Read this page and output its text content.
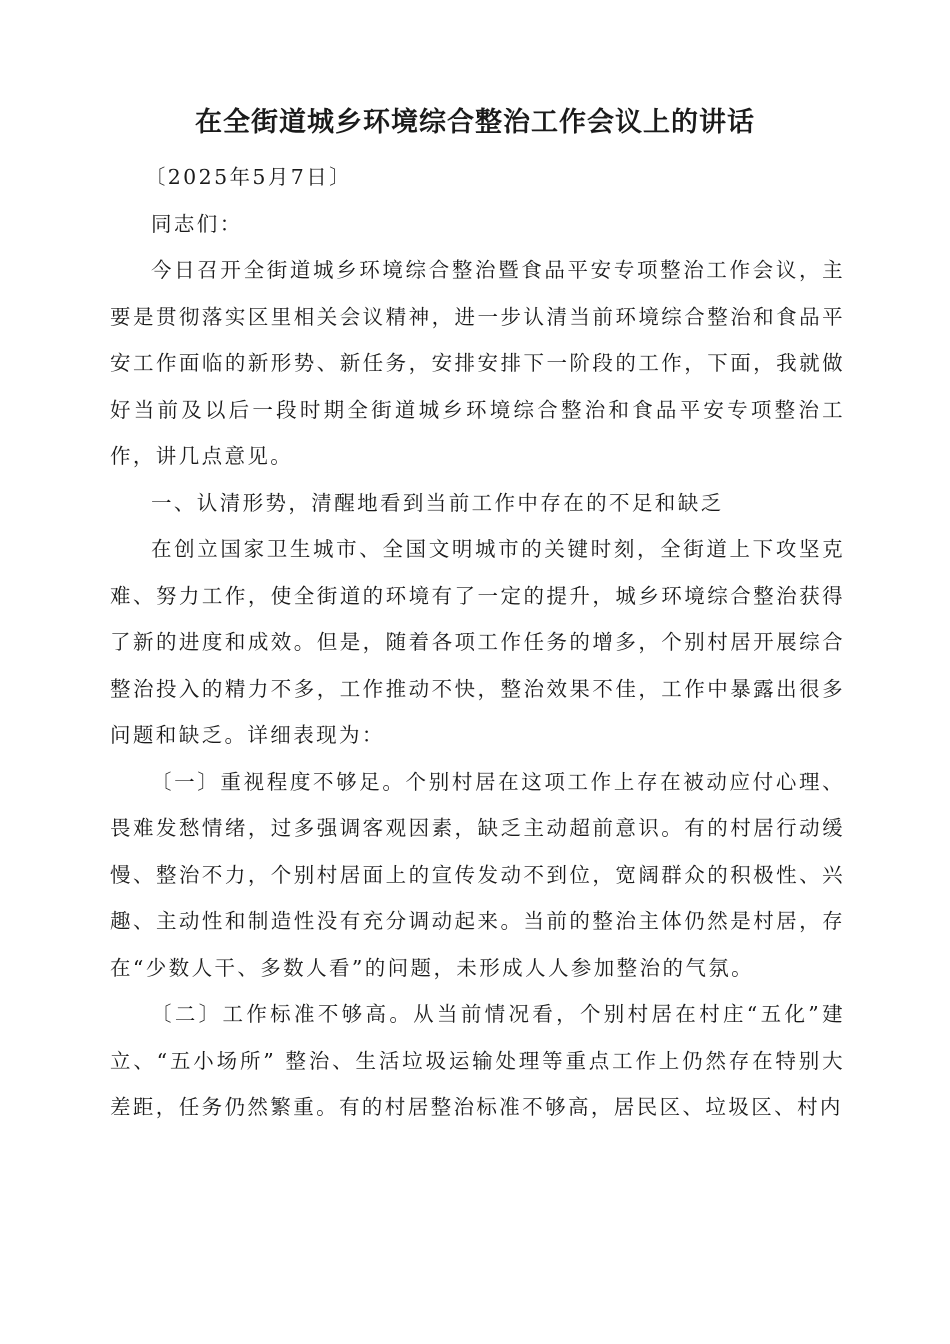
在全街道城乡环境综合整治工作会议上的讲话

〔2025年5月7日〕

同志们：

今日召开全街道城乡环境综合整治暨食品平安专项整治工作会议，主要是贯彻落实区里相关会议精神，进一步认清当前环境综合整治和食品平安工作面临的新形势、新任务，安排安排下一阶段的工作，下面，我就做好当前及以后一段时期全街道城乡环境综合整治和食品平安专项整治工作，讲几点意见。

一、认清形势，清醒地看到当前工作中存在的不足和缺乏

在创立国家卫生城市、全国文明城市的关键时刻，全街道上下攻坚克难、努力工作，使全街道的环境有了一定的提升，城乡环境综合整治获得了新的进度和成效。但是，随着各项工作任务的增多，个别村居开展综合整治投入的精力不多，工作推动不快，整治效果不佳，工作中暴露出很多问题和缺乏。详细表现为：

〔一〕重视程度不够足。个别村居在这项工作上存在被动应付心理、畏难发愁情绪，过多强调客观因素，缺乏主动超前意识。有的村居行动缓慢、整治不力，个别村居面上的宣传发动不到位，宽阔群众的积极性、兴趣、主动性和制造性没有充分调动起来。当前的整治主体仍然是村居，存在“少数人干、多数人看”的问题，未形成人人参加整治的气氛。

〔二〕工作标准不够高。从当前情况看，个别村居在村庄“五化”建立、“五小场所” 整治、生活垃圾运输处理等重点工作上仍然存在特别大差距，任务仍然繁重。有的村居整治标准不够高，居民区、垃圾区、村内
